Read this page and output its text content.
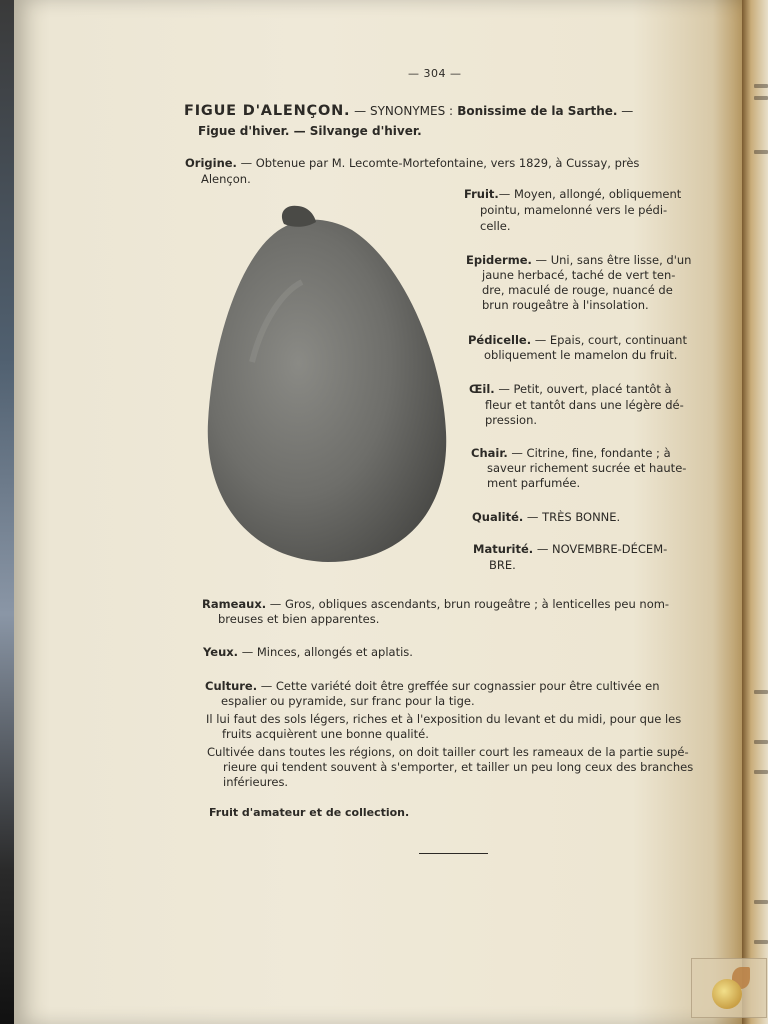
— 304 —

FIGUE D'ALENÇON. — SYNONYMES : Bonissime de la Sarthe. —

Figue d'hiver. — Silvange d'hiver.

Origine. — Obtenue par M. Lecomte-Mortefontaine, vers 1829, à Cussay, près

Alençon.

Fruit.— Moyen, allongé, obliquement

pointu, mamelonné vers le pédi-

celle.

Epiderme. — Uni, sans être lisse, d'un

jaune herbacé, taché de vert ten-

dre, maculé de rouge, nuancé de

brun rougeâtre à l'insolation.

Pédicelle. — Epais, court, continuant

obliquement le mamelon du fruit.

Œil. — Petit, ouvert, placé tantôt à

fleur et tantôt dans une légère dé-

pression.

Chair. — Citrine, fine, fondante ; à

saveur richement sucrée et haute-

ment parfumée.

Qualité. — TRÈS BONNE.

Maturité. — NOVEMBRE-DÉCEM-

BRE.

Rameaux. — Gros, obliques ascendants, brun rougeâtre ; à lenticelles peu nom-

breuses et bien apparentes.

Yeux. — Minces, allongés et aplatis.

Culture. — Cette variété doit être greffée sur cognassier pour être cultivée en

espalier ou pyramide, sur franc pour la tige.

Il lui faut des sols légers, riches et à l'exposition du levant et du midi, pour que les

fruits acquièrent une bonne qualité.

Cultivée dans toutes les régions, on doit tailler court les rameaux de la partie supé-

rieure qui tendent souvent à s'emporter, et tailler un peu long ceux des branches

inférieures.

Fruit d'amateur et de collection.
